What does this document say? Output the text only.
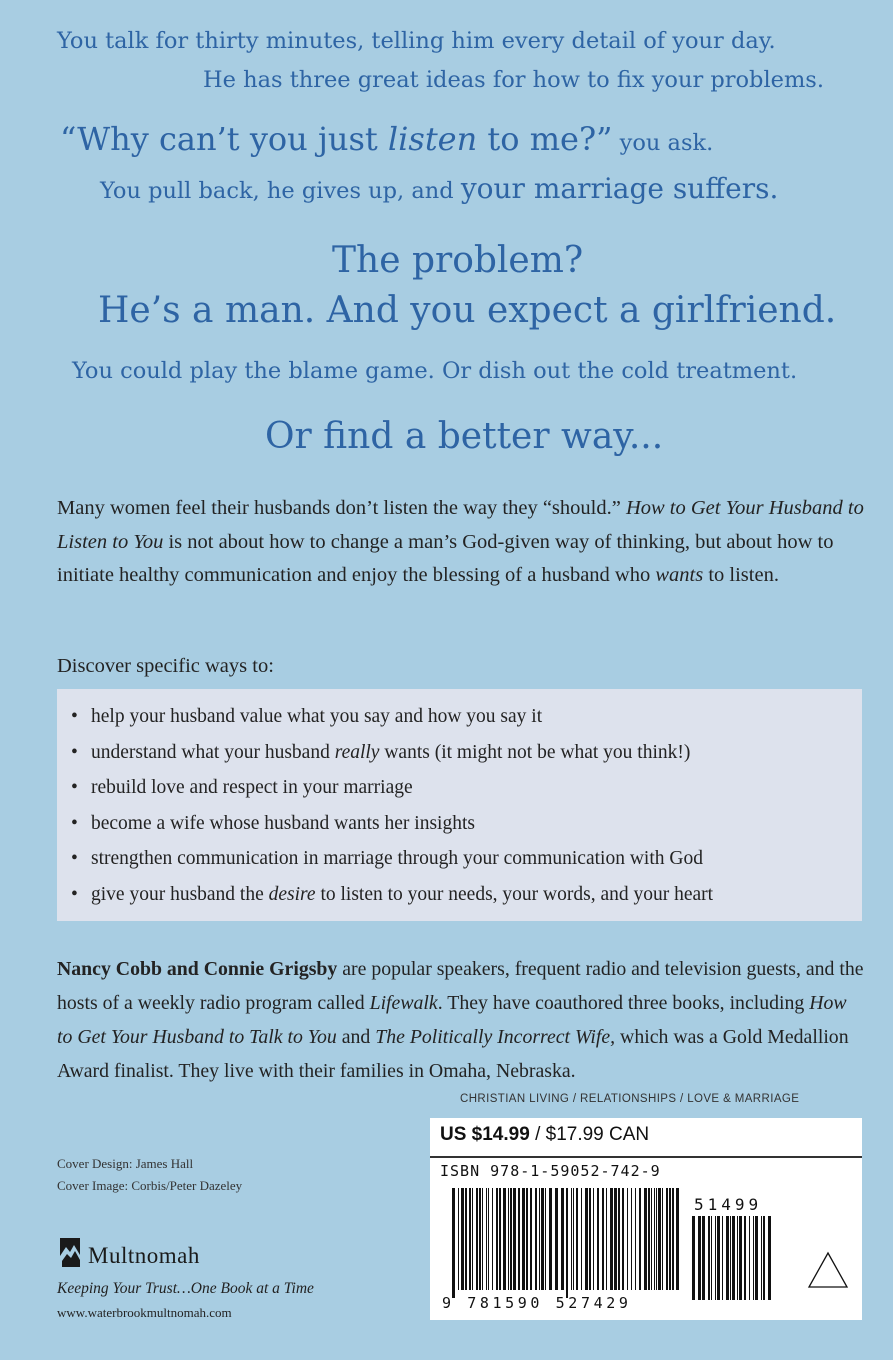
You talk for thirty minutes, telling him every detail of your day.
He has three great ideas for how to fix your problems.
“Why can’t you just listen to me?” you ask.
You pull back, he gives up, and your marriage suffers.
The problem?
He’s a man. And you expect a girlfriend.
You could play the blame game. Or dish out the cold treatment.
Or find a better way...
Many women feel their husbands don’t listen the way they “should.” How to Get Your Husband to Listen to You is not about how to change a man’s God-given way of thinking, but about how to initiate healthy communication and enjoy the blessing of a husband who wants to listen.
Discover specific ways to:
• help your husband value what you say and how you say it
• understand what your husband really wants (it might not be what you think!)
• rebuild love and respect in your marriage
• become a wife whose husband wants her insights
• strengthen communication in marriage through your communication with God
• give your husband the desire to listen to your needs, your words, and your heart
Nancy Cobb and Connie Grigsby are popular speakers, frequent radio and television guests, and the hosts of a weekly radio program called Lifewalk. They have coauthored three books, including How to Get Your Husband to Talk to You and The Politically Incorrect Wife, which was a Gold Medallion Award finalist. They live with their families in Omaha, Nebraska.
CHRISTIAN LIVING / RELATIONSHIPS / LOVE & MARRIAGE
Cover Design: James Hall
Cover Image: Corbis/Peter Dazeley
Multnomah
Keeping Your Trust…One Book at a Time
www.waterbrookmultnomah.com
US $14.99 / $17.99 CAN
ISBN 978-1-59052-742-9
51499
9 781590 527429
